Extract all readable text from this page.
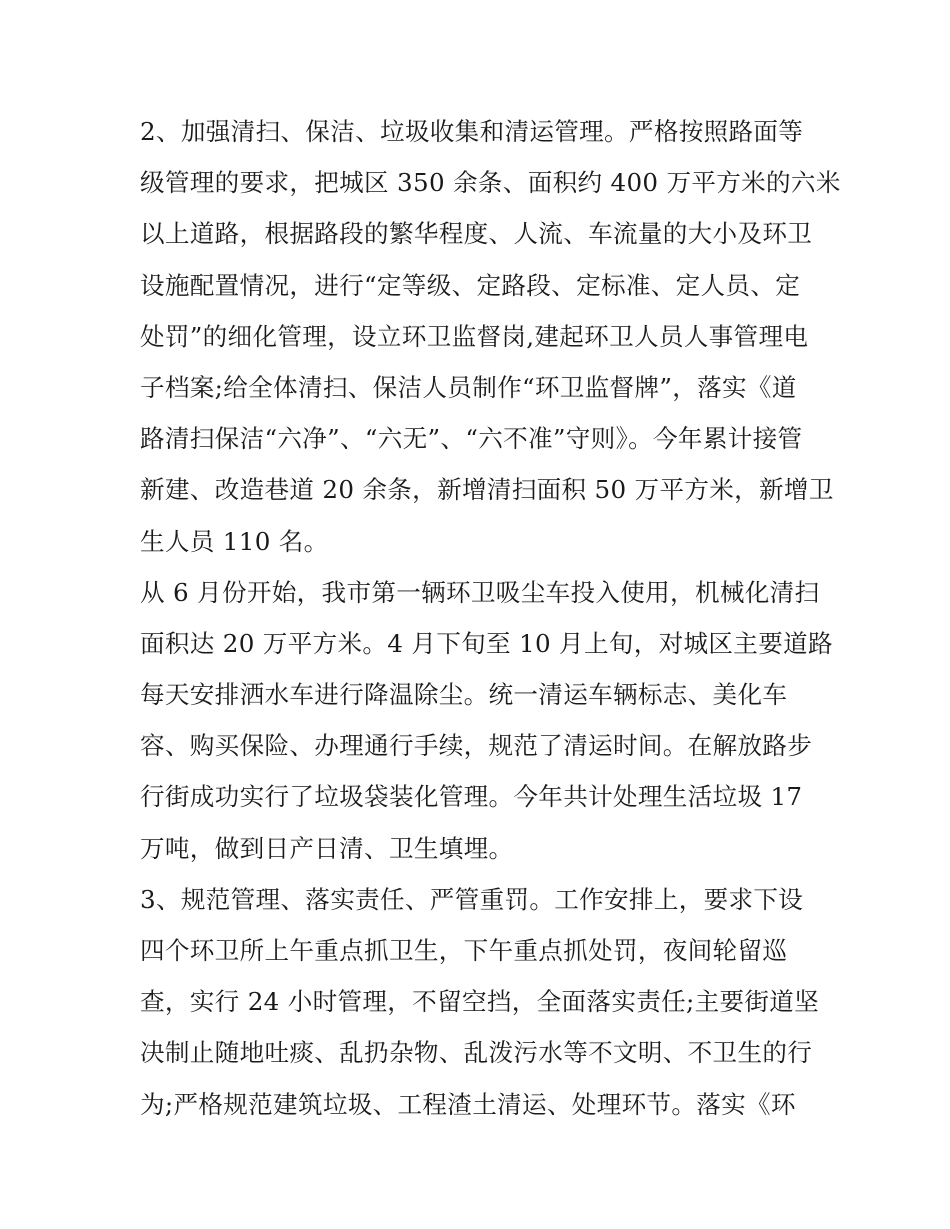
2、加强清扫、保洁、垃圾收集和清运管理。严格按照路面等
级管理的要求，把城区 350 余条、面积约 400 万平方米的六米
以上道路，根据路段的繁华程度、人流、车流量的大小及环卫
设施配置情况，进行“定等级、定路段、定标准、定人员、定
处罚”的细化管理，设立环卫监督岗,建起环卫人员人事管理电
子档案;给全体清扫、保洁人员制作“环卫监督牌”，落实《道
路清扫保洁“六净”、“六无”、“六不准”守则》。今年累计接管
新建、改造巷道 20 余条，新增清扫面积 50 万平方米，新增卫
生人员 110 名。
从 6 月份开始，我市第一辆环卫吸尘车投入使用，机械化清扫
面积达 20 万平方米。4 月下旬至 10 月上旬，对城区主要道路
每天安排洒水车进行降温除尘。统一清运车辆标志、美化车
容、购买保险、办理通行手续，规范了清运时间。在解放路步
行街成功实行了垃圾袋装化管理。今年共计处理生活垃圾 17
万吨，做到日产日清、卫生填埋。
3、规范管理、落实责任、严管重罚。工作安排上，要求下设
四个环卫所上午重点抓卫生，下午重点抓处罚，夜间轮留巡
查，实行 24 小时管理，不留空挡，全面落实责任;主要街道坚
决制止随地吐痰、乱扔杂物、乱泼污水等不文明、不卫生的行
为;严格规范建筑垃圾、工程渣土清运、处理环节。落实《环
